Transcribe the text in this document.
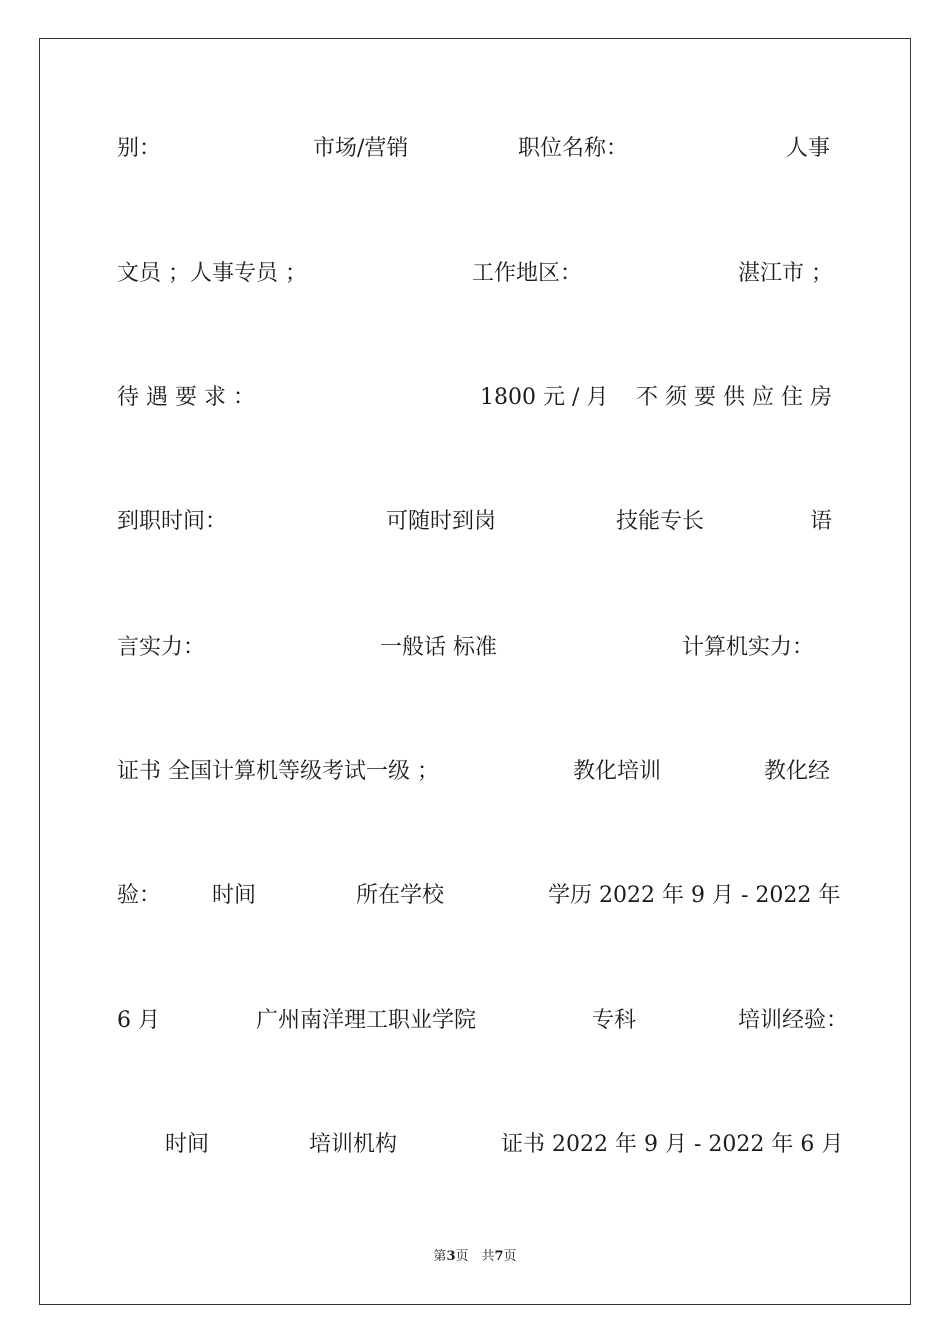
别：	市场/营销	职位名称：	人事
文员 ；人事专员 ；	工作地区：	湛江市 ；
待 遇 要 求 ：	1800 元 / 月 不 须 要 供 应 住 房
到职时间：	可随时到岗	技能专长	语
言实力：	一般话 标准	计算机实力：
证书 全国计算机等级考试一级 ；	教化培训	教化经
验： 时间	所在学校	学历 2022 年 9 月 - 2022 年
6 月	广州南洋理工职业学院	专科	培训经验：
时间	培训机构	证书 2022 年 9 月 - 2022 年 6 月
第3页　共7页
